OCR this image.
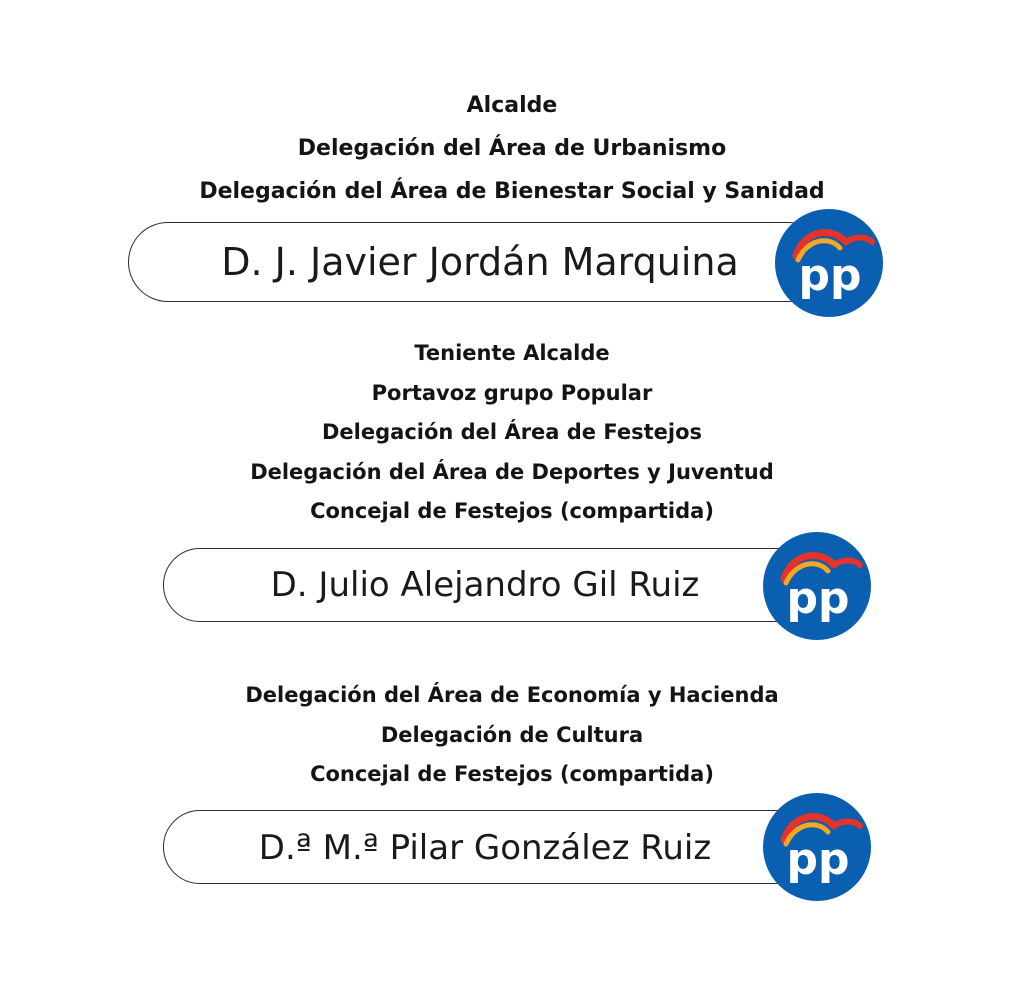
Alcalde
Delegación del Área de Urbanismo
Delegación del Área de Bienestar Social y Sanidad
D. J. Javier Jordán Marquina	pp
Teniente Alcalde
Portavoz grupo Popular
Delegación del Área de Festejos
Delegación del Área de Deportes y Juventud
Concejal de Festejos (compartida)
D. Julio Alejandro Gil Ruiz	pp
Delegación del Área de Economía y Hacienda
Delegación de Cultura
Concejal de Festejos (compartida)
D.ª M.ª Pilar González Ruiz	pp
